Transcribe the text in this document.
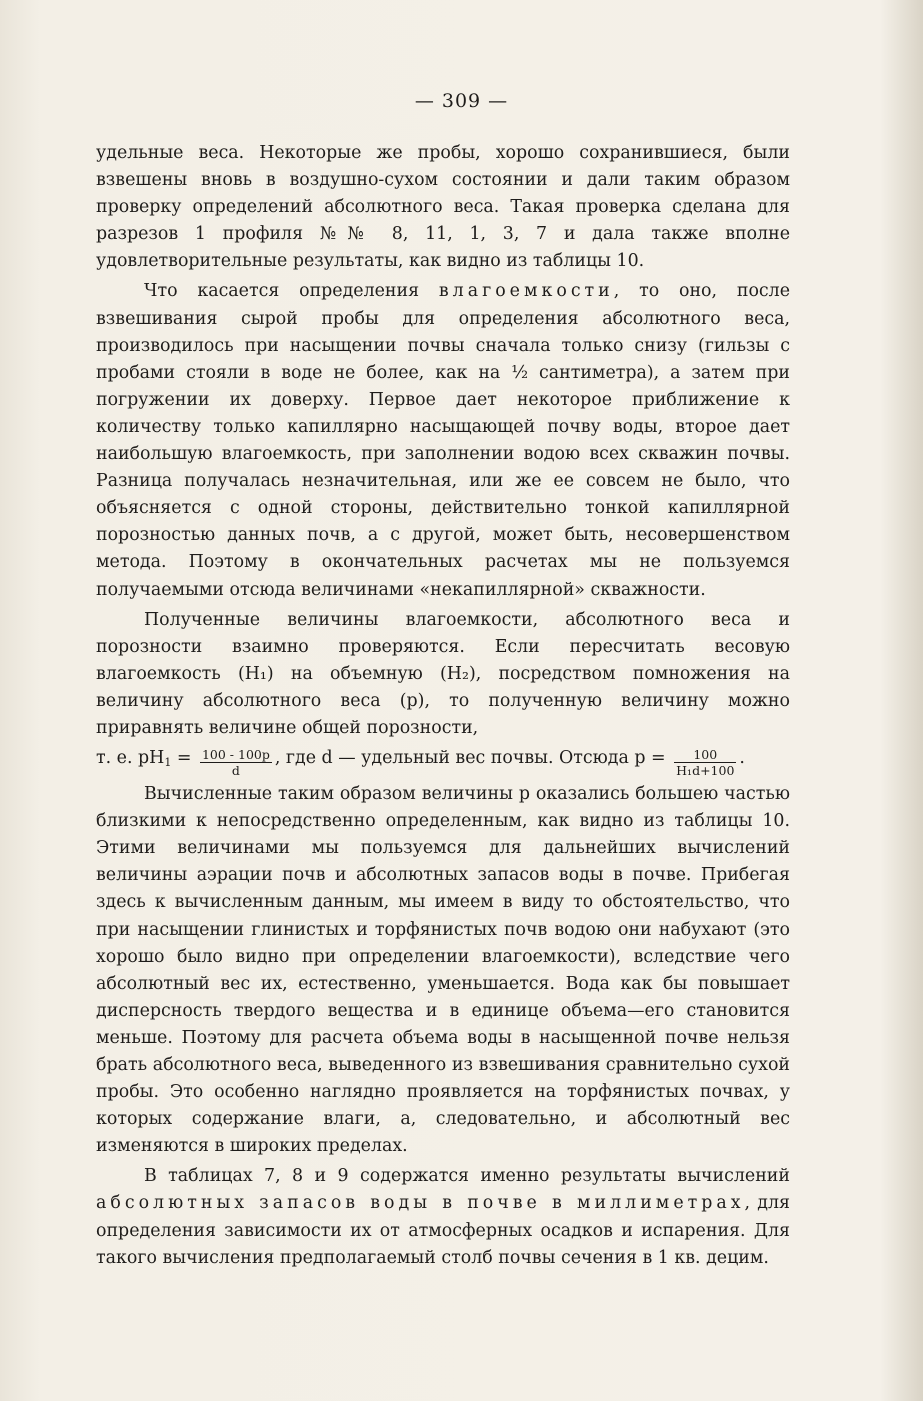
— 309 —

удельные веса. Некоторые же пробы, хорошо сохранившиеся, были взвешены вновь в воздушно-сухом состоянии и дали таким образом проверку определений абсолютного веса. Такая проверка сделана для разрезов 1 профиля №№ 8, 11, 1, 3, 7 и дала также вполне удовлетворительные результаты, как видно из таблицы 10.

Что касается определения влагоемкости, то оно, после взвешивания сырой пробы для определения абсолютного веса, производилось при насыщении почвы сначала только снизу (гильзы с пробами стояли в воде не более, как на ½ сантиметра), а затем при погружении их доверху. Первое дает некоторое приближение к количеству только капиллярно насыщающей почву воды, второе дает наибольшую влагоемкость, при заполнении водою всех скважин почвы. Разница получалась незначительная, или же ее совсем не было, что объясняется с одной стороны, действительно тонкой капиллярной порозностью данных почв, а с другой, может быть, несовершенством метода. Поэтому в окончательных расчетах мы не пользуемся получаемыми отсюда величинами «некапиллярной» скважности.

Полученные величины влагоемкости, абсолютного веса и порозности взаимно проверяются. Если пересчитать весовую влагоемкость (H₁) на объемную (H₂), посредством помножения на величину абсолютного веса (p), то полученную величину можно приравнять величине общей порозности,

т. е. $pH_1 = \frac{100 - 100p}{d}$ , где d — удельный вес почвы. Отсюда $p = \frac{100}{\text{H₁d+100}}$ .

Вычисленные таким образом величины p оказались большею частью близкими к непосредственно определенным, как видно из таблицы 10. Этими величинами мы пользуемся для дальнейших вычислений величины аэрации почв и абсолютных запасов воды в почве. Прибегая здесь к вычисленным данным, мы имеем в виду то обстоятельство, что при насыщении глинистых и торфянистых почв водою они набухают (это хорошо было видно при определении влагоемкости), вследствие чего абсолютный вес их, естественно, уменьшается. Вода как бы повышает дисперсность твердого вещества и в единице объема—его становится меньше. Поэтому для расчета объема воды в насыщенной почве нельзя брать абсолютного веса, выведенного из взвешивания сравнительно сухой пробы. Это особенно наглядно проявляется на торфянистых почвах, у которых содержание влаги, а, следовательно, и абсолютный вес изменяются в широких пределах.

В таблицах 7, 8 и 9 содержатся именно результаты вычислений абсолютных запасов воды в почве в миллиметрах, для определения зависимости их от атмосферных осадков и испарения. Для такого вычисления предполагаемый столб почвы сечения в 1 кв. децим.
